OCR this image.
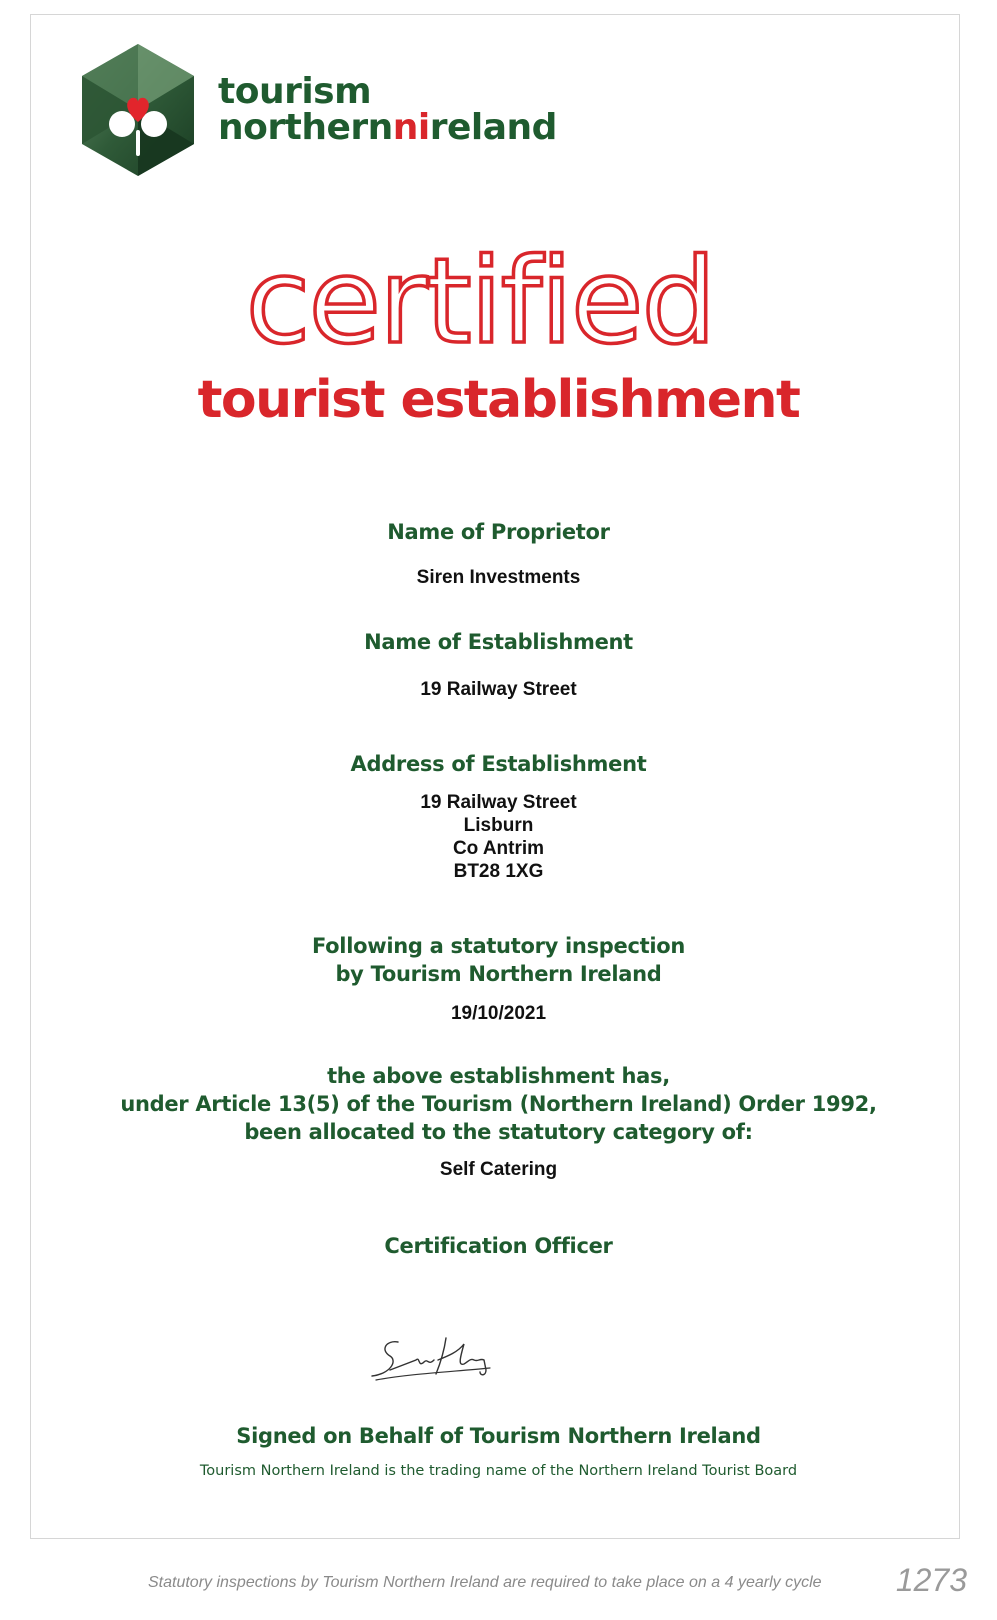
tourism
northernnireland
certified
tourist establishment
Name of Proprietor
Siren Investments
Name of Establishment
19 Railway Street
Address of Establishment
19 Railway Street
Lisburn
Co Antrim
BT28 1XG
Following a statutory inspection
by Tourism Northern Ireland
19/10/2021
the above establishment has,
under Article 13(5) of the Tourism (Northern Ireland) Order 1992,
been allocated to the statutory category of:
Self Catering
Certification Officer
Signed on Behalf of Tourism Northern Ireland
Tourism Northern Ireland is the trading name of the Northern Ireland Tourist Board
Statutory inspections by Tourism Northern Ireland are required to take place on a 4 yearly cycle 1273
